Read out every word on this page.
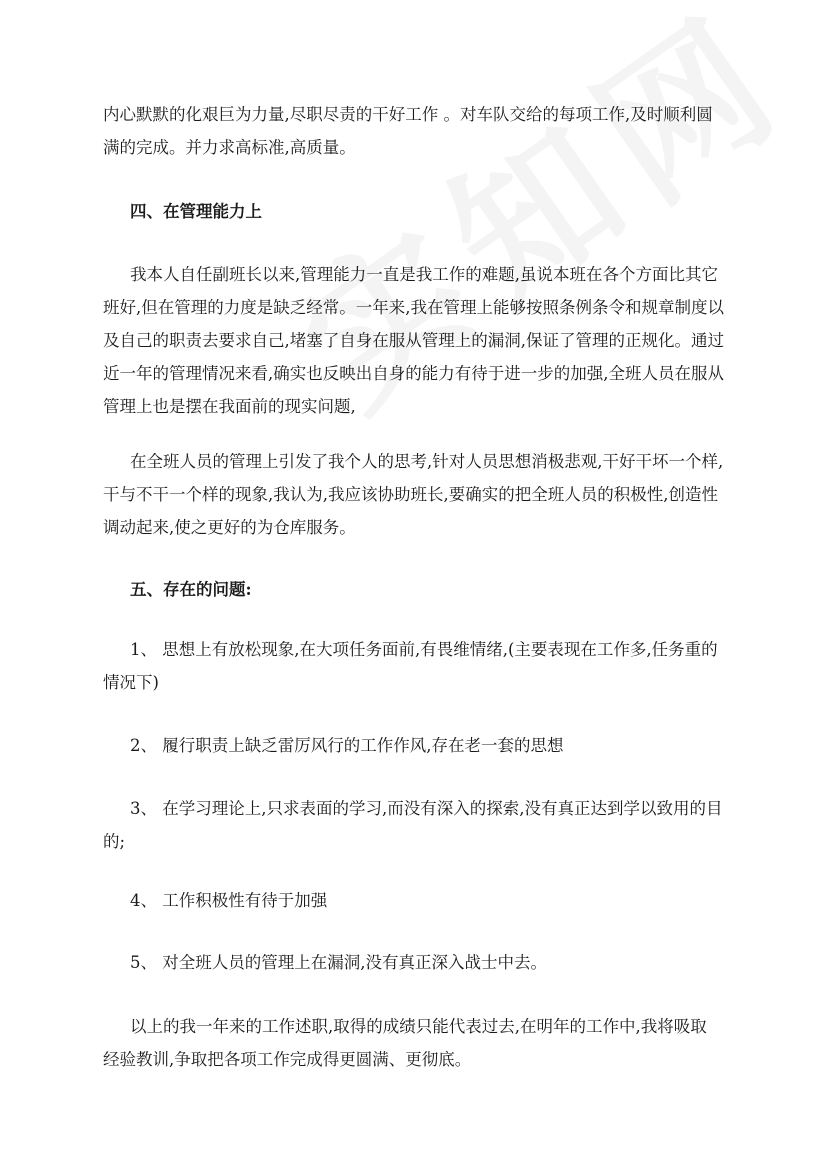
内心默默的化艰巨为力量,尽职尽责的干好工作 。对车队交给的每项工作,及时顺利圆
满的完成。并力求高标准,高质量。
四、在管理能力上
我本人自任副班长以来,管理能力一直是我工作的难题,虽说本班在各个方面比其它
班好,但在管理的力度是缺乏经常。一年来,我在管理上能够按照条例条令和规章制度以
及自己的职责去要求自己,堵塞了自身在服从管理上的漏洞,保证了管理的正规化。通过
近一年的管理情况来看,确实也反映出自身的能力有待于进一步的加强,全班人员在服从
管理上也是摆在我面前的现实问题,
在全班人员的管理上引发了我个人的思考,针对人员思想消极悲观,干好干坏一个样,
干与不干一个样的现象,我认为,我应该协助班长,要确实的把全班人员的积极性,创造性
调动起来,使之更好的为仓库服务。
五、存在的问题:
1、 思想上有放松现象,在大项任务面前,有畏维情绪,(主要表现在工作多,任务重的
情况下)
2、 履行职责上缺乏雷厉风行的工作作风,存在老一套的思想
3、 在学习理论上,只求表面的学习,而没有深入的探索,没有真正达到学以致用的目
的;
4、 工作积极性有待于加强
5、 对全班人员的管理上在漏洞,没有真正深入战士中去。
以上的我一年来的工作述职,取得的成绩只能代表过去,在明年的工作中,我将吸取
经验教训,争取把各项工作完成得更圆满、更彻底。
